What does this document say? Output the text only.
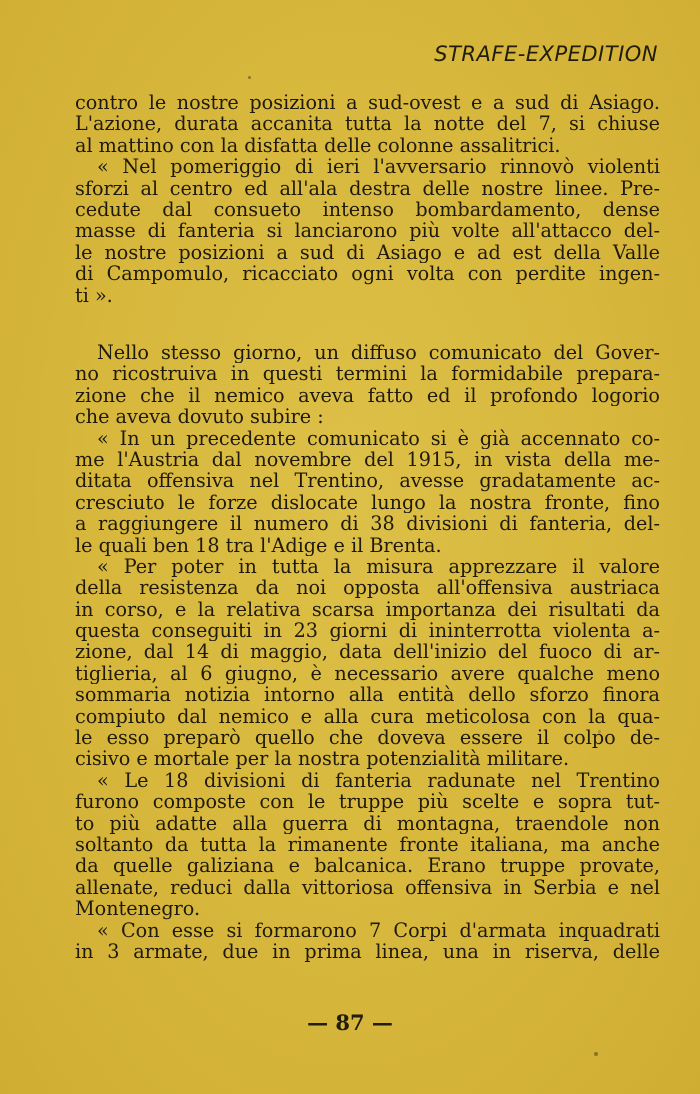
STRAFE-EXPEDITION
contro le nostre posizioni a sud-ovest e a sud di Asiago.
L'azione, durata accanita tutta la notte del 7, si chiuse
al mattino con la disfatta delle colonne assalitrici.
« Nel pomeriggio di ieri l'avversario rinnovò violenti
sforzi al centro ed all'ala destra delle nostre linee. Pre-
cedute dal consueto intenso bombardamento, dense
masse di fanteria si lanciarono più volte all'attacco del-
le nostre posizioni a sud di Asiago e ad est della Valle
di Campomulo, ricacciato ogni volta con perdite ingen-
ti ».
Nello stesso giorno, un diffuso comunicato del Gover-
no ricostruiva in questi termini la formidabile prepara-
zione che il nemico aveva fatto ed il profondo logorio
che aveva dovuto subire :
« In un precedente comunicato si è già accennato co-
me l'Austria dal novembre del 1915, in vista della me-
ditata offensiva nel Trentino, avesse gradatamente ac-
cresciuto le forze dislocate lungo la nostra fronte, fino
a raggiungere il numero di 38 divisioni di fanteria, del-
le quali ben 18 tra l'Adige e il Brenta.
« Per poter in tutta la misura apprezzare il valore
della resistenza da noi opposta all'offensiva austriaca
in corso, e la relativa scarsa importanza dei risultati da
questa conseguiti in 23 giorni di ininterrotta violenta a-
zione, dal 14 di maggio, data dell'inizio del fuoco di ar-
tiglieria, al 6 giugno, è necessario avere qualche meno
sommaria notizia intorno alla entità dello sforzo finora
compiuto dal nemico e alla cura meticolosa con la qua-
le esso preparò quello che doveva essere il colpo de-
cisivo e mortale per la nostra potenzialità militare.
« Le 18 divisioni di fanteria radunate nel Trentino
furono composte con le truppe più scelte e sopra tut-
to più adatte alla guerra di montagna, traendole non
soltanto da tutta la rimanente fronte italiana, ma anche
da quelle galiziana e balcanica. Erano truppe provate,
allenate, reduci dalla vittoriosa offensiva in Serbia e nel
Montenegro.
« Con esse si formarono 7 Corpi d'armata inquadrati
in 3 armate, due in prima linea, una in riserva, delle
— 87 —
